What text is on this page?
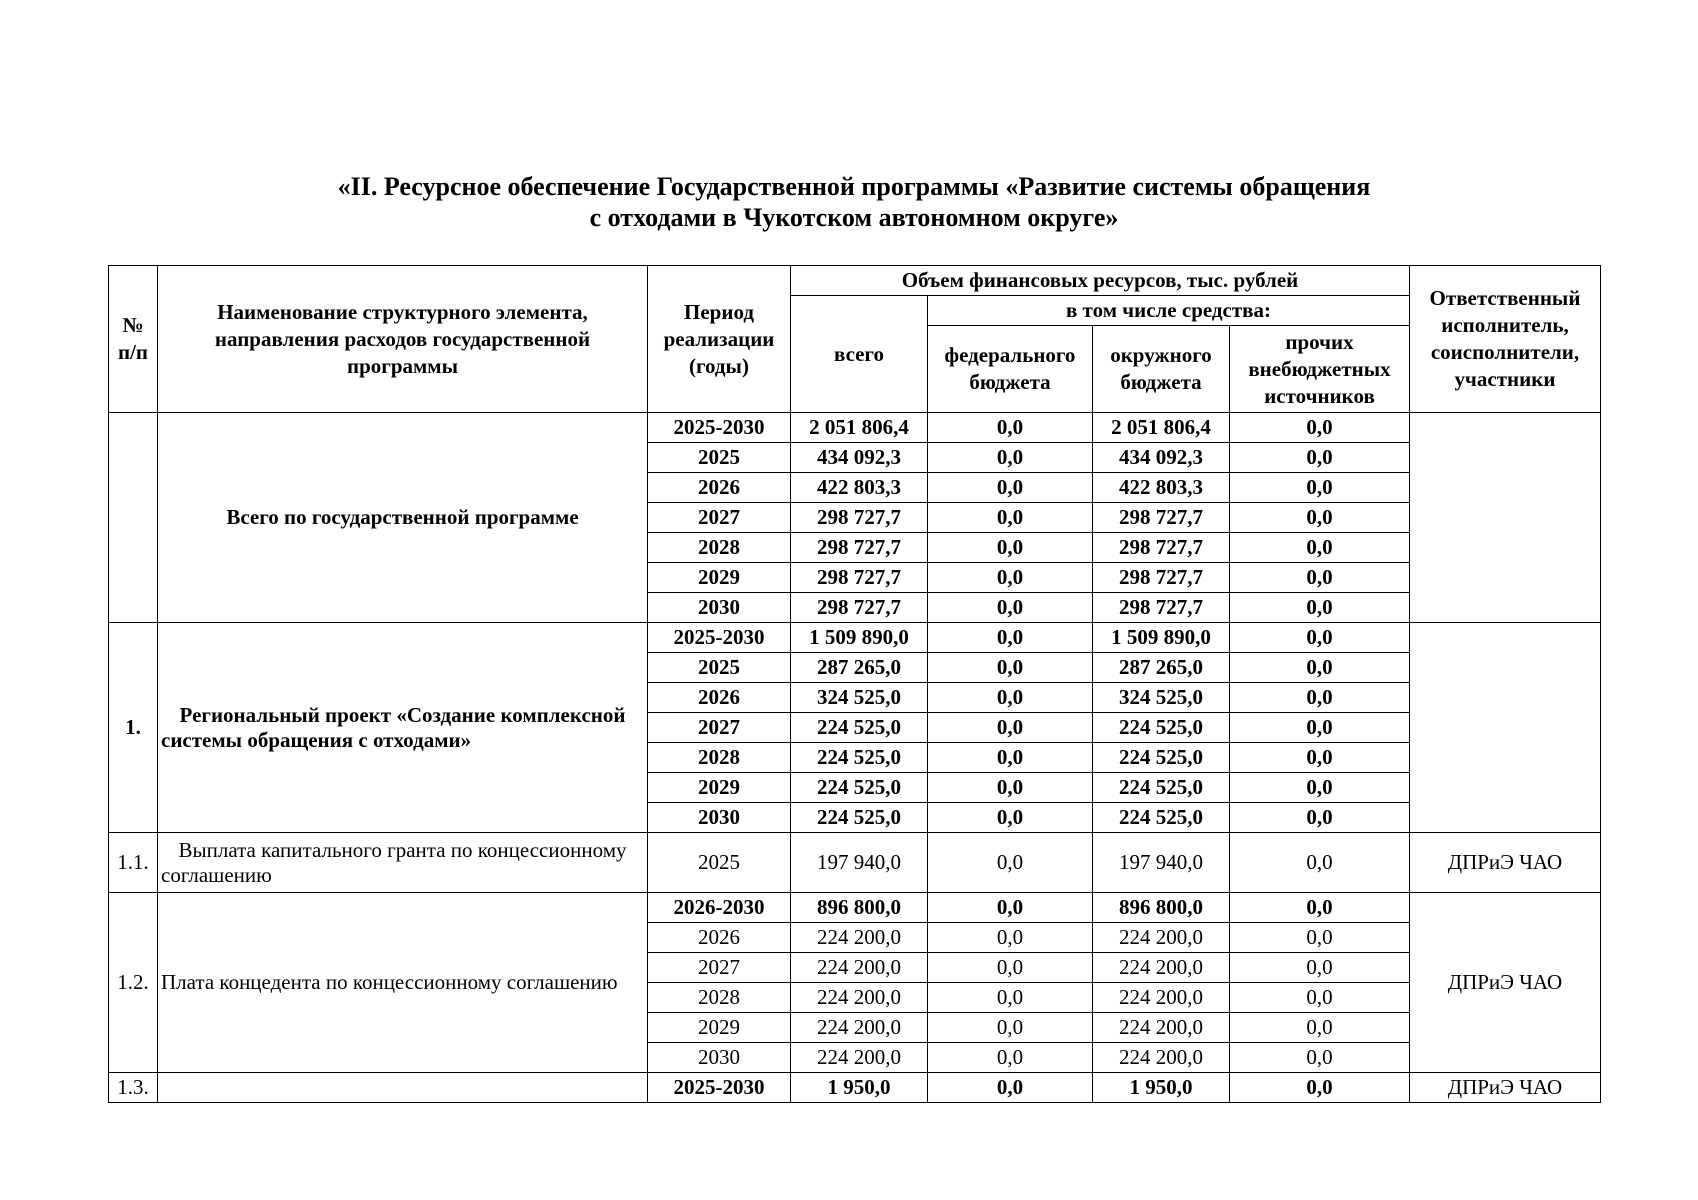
«II. Ресурсное обеспечение Государственной программы «Развитие системы обращения
с отходами в Чукотском автономном округе»
№ п/п	Наименование структурного элемента, направления расходов государственной программы	Период реализации (годы)	Объем финансовых ресурсов, тыс. рублей				Ответственный исполнитель, соисполнители, участники
			всего	в том числе средства:			
				федерального бюджета	окружного бюджета	прочих внебюджетных источников	
	Всего по государственной программе	2025-2030	2 051 806,4	0,0	2 051 806,4	0,0	
		2025	434 092,3	0,0	434 092,3	0,0	
		2026	422 803,3	0,0	422 803,3	0,0	
		2027	298 727,7	0,0	298 727,7	0,0	
		2028	298 727,7	0,0	298 727,7	0,0	
		2029	298 727,7	0,0	298 727,7	0,0	
		2030	298 727,7	0,0	298 727,7	0,0	
1.	Региональный проект «Создание комплексной системы обращения с отходами»	2025-2030	1 509 890,0	0,0	1 509 890,0	0,0	
		2025	287 265,0	0,0	287 265,0	0,0	
		2026	324 525,0	0,0	324 525,0	0,0	
		2027	224 525,0	0,0	224 525,0	0,0	
		2028	224 525,0	0,0	224 525,0	0,0	
		2029	224 525,0	0,0	224 525,0	0,0	
		2030	224 525,0	0,0	224 525,0	0,0	
1.1.	Выплата капитального гранта по концессионному соглашению	2025	197 940,0	0,0	197 940,0	0,0	ДПРиЭ ЧАО
1.2.	Плата концедента по концессионному соглашению	2026-2030	896 800,0	0,0	896 800,0	0,0	ДПРиЭ ЧАО
		2026	224 200,0	0,0	224 200,0	0,0	
		2027	224 200,0	0,0	224 200,0	0,0	
		2028	224 200,0	0,0	224 200,0	0,0	
		2029	224 200,0	0,0	224 200,0	0,0	
		2030	224 200,0	0,0	224 200,0	0,0	
1.3.		2025-2030	1 950,0	0,0	1 950,0	0,0	ДПРиЭ ЧАО
